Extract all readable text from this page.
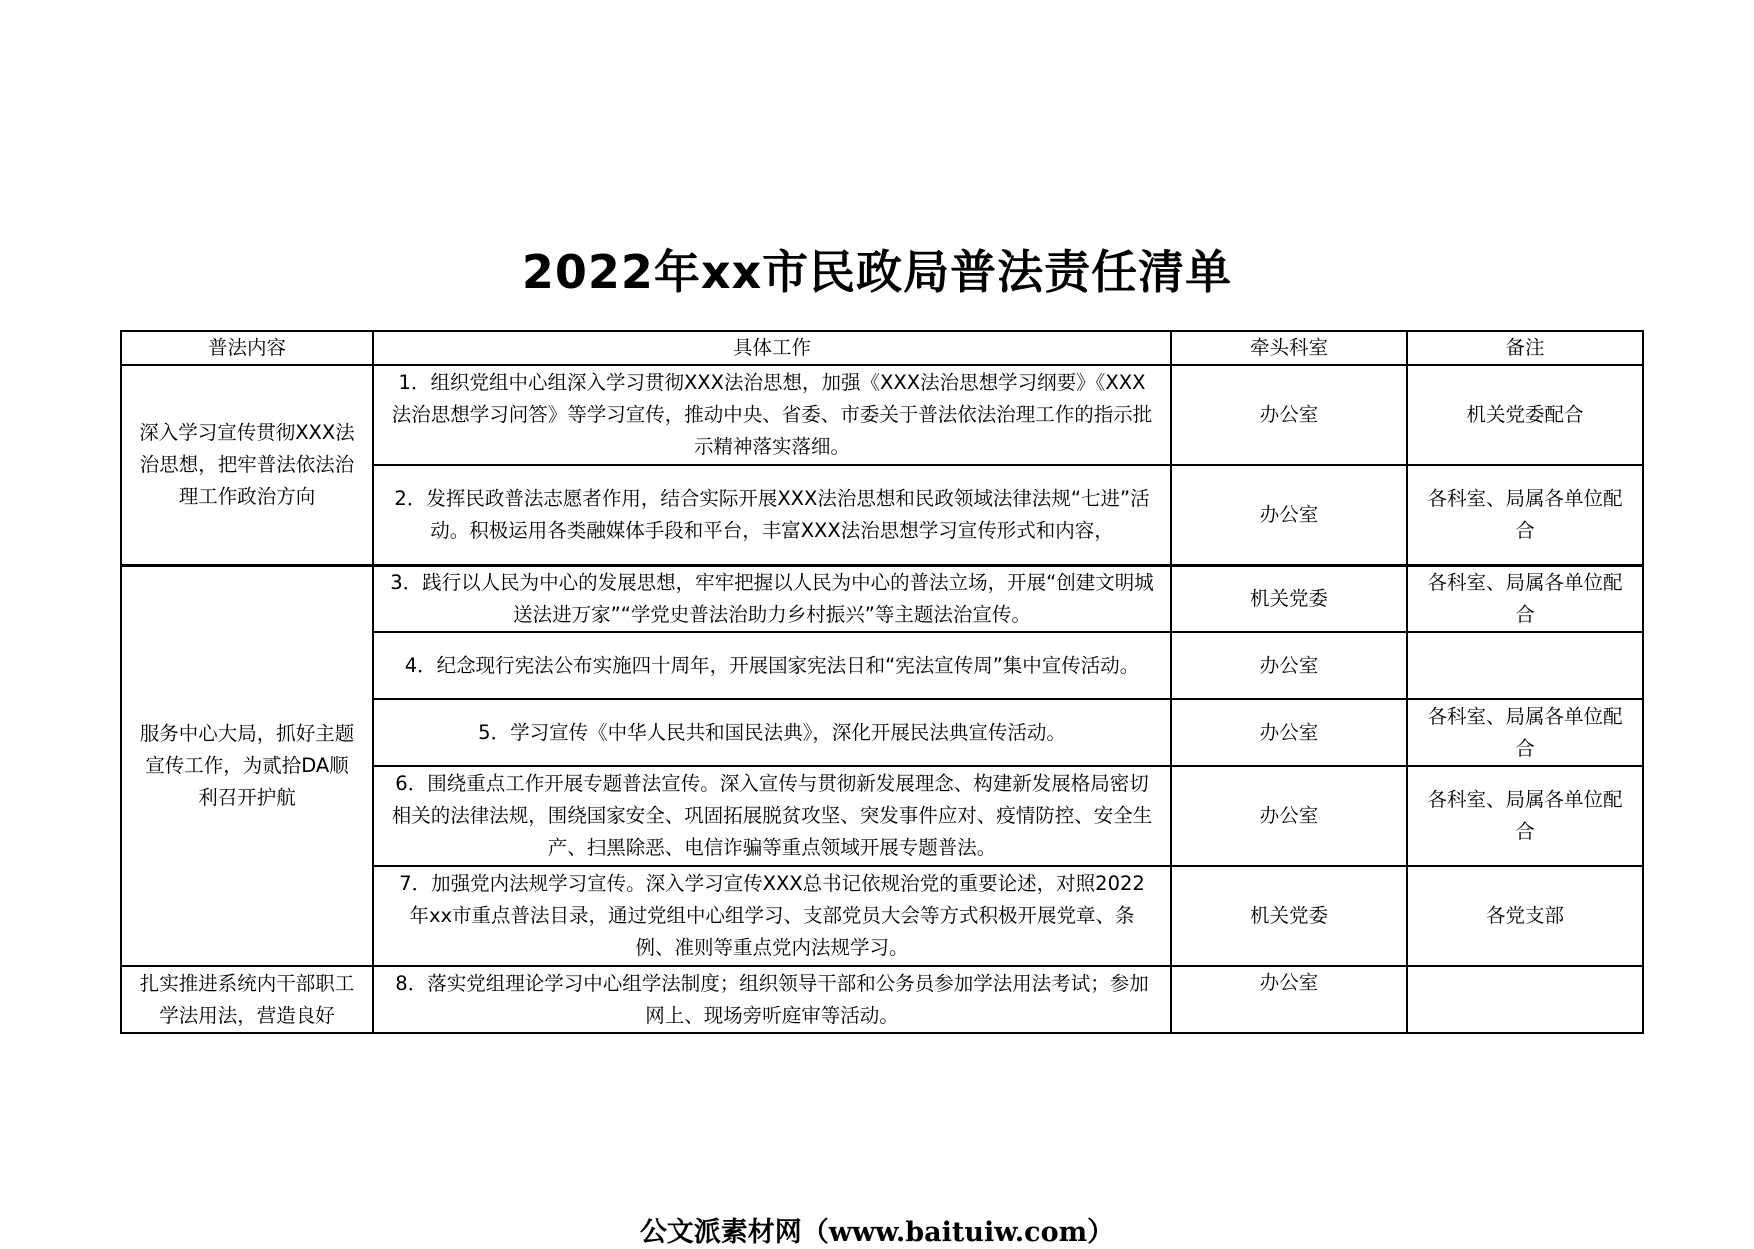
2022年xx市民政局普法责任清单
普法内容	具体工作	牵头科室	备注
深入学习宣传贯彻XXX法治思想，把牢普法依法治理工作政治方向	1．组织党组中心组深入学习贯彻XXX法治思想，加强《XXX法治思想学习纲要》《XXX法治思想学习问答》等学习宣传，推动中央、省委、市委关于普法依法治理工作的指示批示精神落实落细。	办公室	机关党委配合
	2．发挥民政普法志愿者作用，结合实际开展XXX法治思想和民政领域法律法规“七进”活动。积极运用各类融媒体手段和平台，丰富XXX法治思想学习宣传形式和内容，	办公室	各科室、局属各单位配合
服务中心大局，抓好主题宣传工作，为贰拾DA顺利召开护航	3．践行以人民为中心的发展思想，牢牢把握以人民为中心的普法立场，开展“创建文明城送法进万家”“学党史普法治助力乡村振兴”等主题法治宣传。	机关党委	各科室、局属各单位配合
	4．纪念现行宪法公布实施四十周年，开展国家宪法日和“宪法宣传周”集中宣传活动。	办公室	
	5．学习宣传《中华人民共和国民法典》，深化开展民法典宣传活动。	办公室	各科室、局属各单位配合
	6．围绕重点工作开展专题普法宣传。深入宣传与贯彻新发展理念、构建新发展格局密切相关的法律法规，围绕国家安全、巩固拓展脱贫攻坚、突发事件应对、疫情防控、安全生产、扫黑除恶、电信诈骗等重点领域开展专题普法。	办公室	各科室、局属各单位配合
	7．加强党内法规学习宣传。深入学习宣传XXX总书记依规治党的重要论述，对照2022年xx市重点普法目录，通过党组中心组学习、支部党员大会等方式积极开展党章、条例、准则等重点党内法规学习。	机关党委	各党支部
扎实推进系统内干部职工学法用法，营造良好	8．落实党组理论学习中心组学法制度；组织领导干部和公务员参加学法用法考试；参加网上、现场旁听庭审等活动。	办公室	
公文派素材网（www.baituiw.com）
